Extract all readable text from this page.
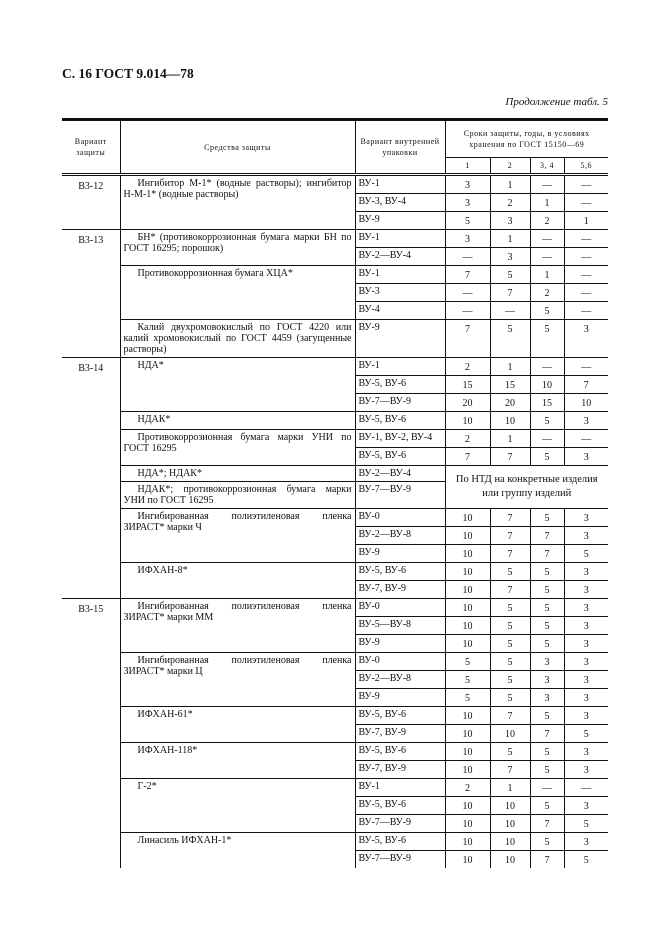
С. 16 ГОСТ 9.014—78
Продолжение табл. 5
Вариант защиты	Средства защиты	Вариант внутренней упаковки	Сроки защиты, годы, в условиях хранения по ГОСТ 15150—69			
			1	2	3, 4	5,6
В3-12	Ингибитор М-1* (водные растворы); ингибитор Н-М-1* (водные растворы)	ВУ-1	3	1	—	—
		ВУ-3, ВУ-4	3	2	1	—
		ВУ-9	5	3	2	1
В3-13	БН* (противокоррозионная бумага марки БН по ГОСТ 16295; порошок)	ВУ-1	3	1	—	—
		ВУ-2—ВУ-4	—	3	—	—
	Противокоррозионная бумага ХЦА*	ВУ-1	7	5	1	—
		ВУ-3	—	7	2	—
		ВУ-4	—	—	5	—
	Калий двухромовокислый по ГОСТ 4220 или калий хромовокислый по ГОСТ 4459 (загущенные растворы)	ВУ-9	7	5	5	3
В3-14	НДА*	ВУ-1	2	1	—	—
		ВУ-5, ВУ-6	15	15	10	7
		ВУ-7—ВУ-9	20	20	15	10
	НДАК*	ВУ-5, ВУ-6	10	10	5	3
	Противокоррозионная бумага марки УНИ по ГОСТ 16295	ВУ-1, ВУ-2, ВУ-4	2	1	—	—
		ВУ-5, ВУ-6	7	7	5	3
	НДА*; НДАК*	ВУ-2—ВУ-4	По НТД на конкретные изделия или группу изделий			
	НДАК*; противокоррозионная бумага марки УНИ по ГОСТ 16295	ВУ-7—ВУ-9				
	Ингибированная полиэтиленовая пленка ЗИРАСТ* марки Ч	ВУ-0	10	7	5	3
		ВУ-2—ВУ-8	10	7	7	3
		ВУ-9	10	7	7	5
	ИФХАН-8*	ВУ-5, ВУ-6	10	5	5	3
		ВУ-7, ВУ-9	10	7	5	3
В3-15	Ингибированная полиэтиленовая пленка ЗИРАСТ* марки ММ	ВУ-0	10	5	5	3
		ВУ-5—ВУ-8	10	5	5	3
		ВУ-9	10	5	5	3
	Ингибированная полиэтиленовая пленка ЗИРАСТ* марки Ц	ВУ-0	5	5	3	3
		ВУ-2—ВУ-8	5	5	3	3
		ВУ-9	5	5	3	3
	ИФХАН-61*	ВУ-5, ВУ-6	10	7	5	3
		ВУ-7, ВУ-9	10	10	7	5
	ИФХАН-118*	ВУ-5, ВУ-6	10	5	5	3
		ВУ-7, ВУ-9	10	7	5	3
	Г-2*	ВУ-1	2	1	—	—
		ВУ-5, ВУ-6	10	10	5	3
		ВУ-7—ВУ-9	10	10	7	5
	Линасиль ИФХАН-1*	ВУ-5, ВУ-6	10	10	5	3
		ВУ-7—ВУ-9	10	10	7	5
